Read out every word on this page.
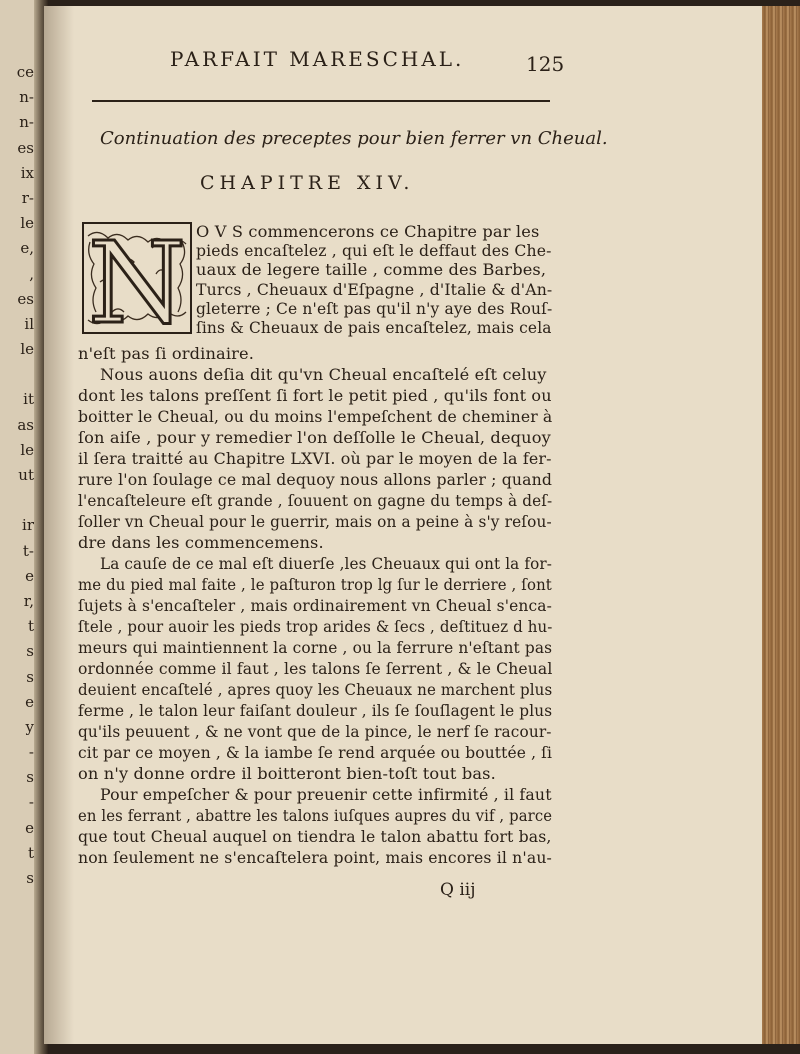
ce
n-
n-
es
ix
r-
le
e,
,
es
il
le
it
as
le
ut
ir
t-
e
r,
t
s
s
e
y
-
s
-
e
t
s
PARFAIT MARESCHAL.	125
Continuation des preceptes pour bien ferrer vn Cheual.
CHAPITRE XIV.
N O V S commencerons ce Chapitre par les
pieds encaſtelez , qui eſt le deffaut des Che-
uaux de legere taille , comme des Barbes,
Turcs , Cheuaux d'Eſpagne , d'Italie & d'An-
gleterre ; Ce n'eſt pas qu'il n'y aye des Rouſ-
ſins & Cheuaux de pais encaſtelez, mais cela
n'eſt pas ſi ordinaire.
Nous auons deſia dit qu'vn Cheual encaſtelé eſt celuy
dont les talons preſſent ſi fort le petit pied , qu'ils font ou
boitter le Cheual, ou du moins l'empeſchent de cheminer à
ſon aiſe , pour y remedier l'on deſſolle le Cheual, dequoy
il ſera traitté au Chapitre LXVI. où par le moyen de la fer-
rure l'on ſoulage ce mal dequoy nous allons parler ; quand
l'encaſteleure eſt grande , ſouuent on gagne du temps à deſ-
ſoller vn Cheual pour le guerrir, mais on a peine à s'y reſou-
dre dans les commencemens.
La cauſe de ce mal eſt diuerſe ,les Cheuaux qui ont la for-
me du pied mal faite , le paſturon trop lg ſur le derriere , ſont
ſujets à s'encaſteler , mais ordinairement vn Cheual s'enca-
ſtele , pour auoir les pieds trop arides & ſecs , deſtituez d hu-
meurs qui maintiennent la corne , ou la ferrure n'eſtant pas
ordonnée comme il faut , les talons ſe ſerrent , & le Cheual
deuient encaſtelé , apres quoy les Cheuaux ne marchent plus
ferme , le talon leur faiſant douleur , ils ſe ſouſlagent le plus
qu'ils peuuent , & ne vont que de la pince, le nerf ſe racour-
cit par ce moyen , & la iambe ſe rend arquée ou bouttée , ſi
on n'y donne ordre il boitteront bien-toſt tout bas.
Pour empeſcher & pour preuenir cette infirmité , il faut
en les ferrant , abattre les talons iuſques aupres du vif , parce
que tout Cheual auquel on tiendra le talon abattu fort bas,
non ſeulement ne s'encaſtelera point, mais encores il n'au-
Q iij
